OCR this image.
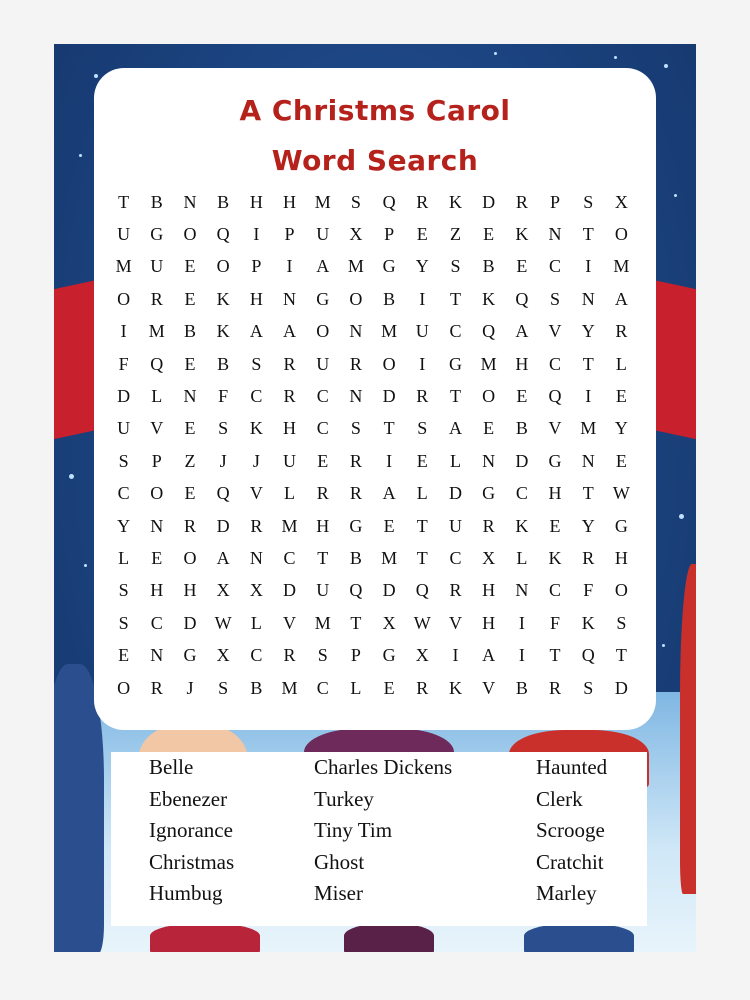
A Christms Carol
Word Search
T	B	N	B	H	H	M	S	Q	R	K	D	R	P	S	X
U	G	O	Q	I	P	U	X	P	E	Z	E	K	N	T	O
M	U	E	O	P	I	A	M	G	Y	S	B	E	C	I	M
O	R	E	K	H	N	G	O	B	I	T	K	Q	S	N	A
I	M	B	K	A	A	O	N	M	U	C	Q	A	V	Y	R
F	Q	E	B	S	R	U	R	O	I	G	M	H	C	T	L
D	L	N	F	C	R	C	N	D	R	T	O	E	Q	I	E
U	V	E	S	K	H	C	S	T	S	A	E	B	V	M	Y
S	P	Z	J	J	U	E	R	I	E	L	N	D	G	N	E
C	O	E	Q	V	L	R	R	A	L	D	G	C	H	T	W
Y	N	R	D	R	M	H	G	E	T	U	R	K	E	Y	G
L	E	O	A	N	C	T	B	M	T	C	X	L	K	R	H
S	H	H	X	X	D	U	Q	D	Q	R	H	N	C	F	O
S	C	D	W	L	V	M	T	X	W	V	H	I	F	K	S
E	N	G	X	C	R	S	P	G	X	I	A	I	T	Q	T
O	R	J	S	B	M	C	L	E	R	K	V	B	R	S	D
Belle
Ebenezer
Ignorance
Christmas
Humbug
Charles Dickens
Turkey
Tiny Tim
Ghost
Miser
Haunted
Clerk
Scrooge
Cratchit
Marley
